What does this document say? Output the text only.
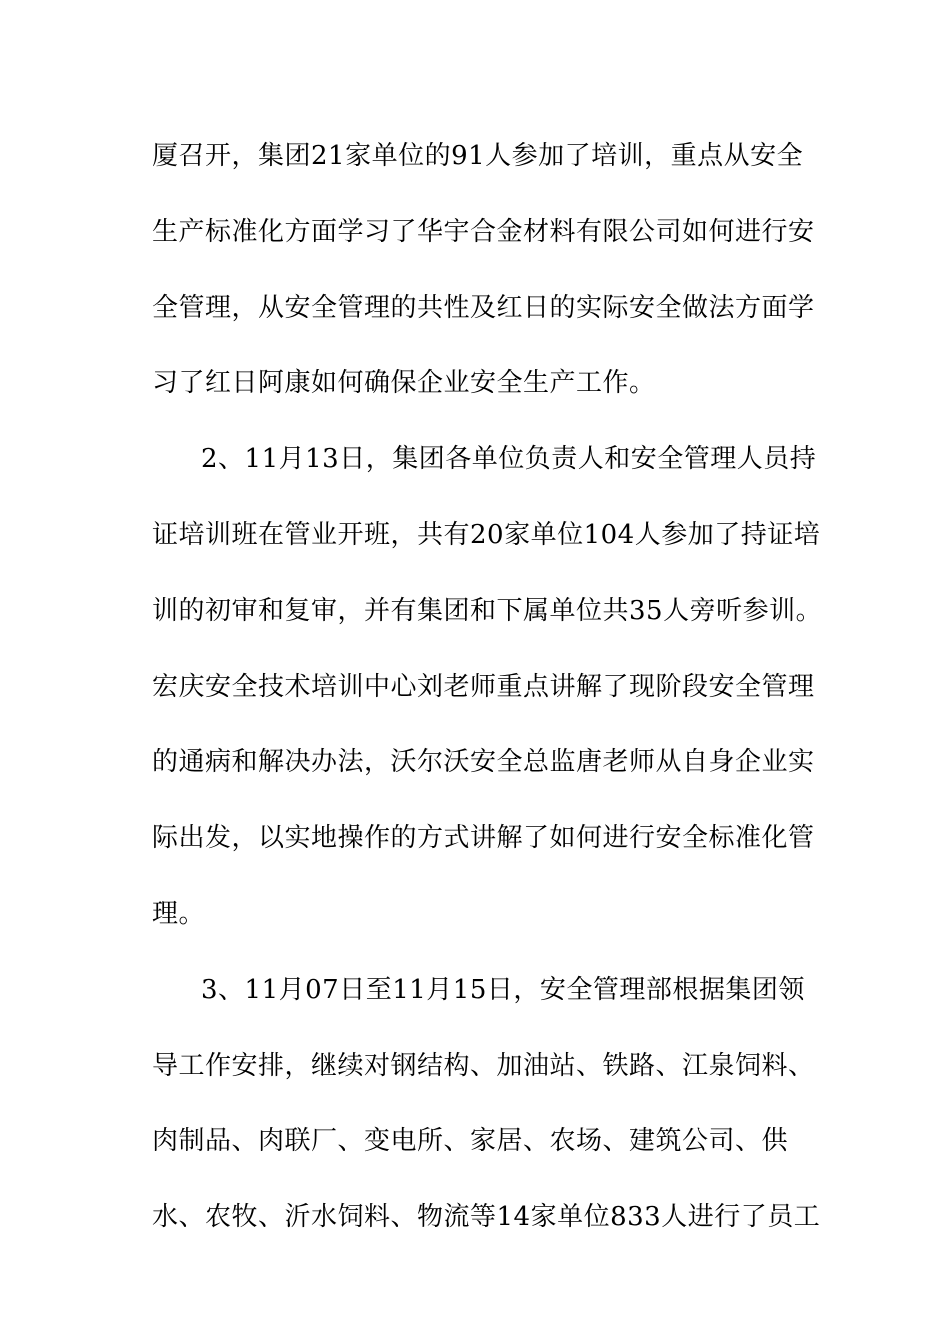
厦召开，集团21家单位的91人参加了培训，重点从安全
生产标准化方面学习了华宇合金材料有限公司如何进行安
全管理，从安全管理的共性及红日的实际安全做法方面学
习了红日阿康如何确保企业安全生产工作。
2、11月13日，集团各单位负责人和安全管理人员持
证培训班在管业开班，共有20家单位104人参加了持证培
训的初审和复审，并有集团和下属单位共35人旁听参训。
宏庆安全技术培训中心刘老师重点讲解了现阶段安全管理
的通病和解决办法，沃尔沃安全总监唐老师从自身企业实
际出发，以实地操作的方式讲解了如何进行安全标准化管
理。
3、11月07日至11月15日，安全管理部根据集团领
导工作安排，继续对钢结构、加油站、铁路、江泉饲料、
肉制品、肉联厂、变电所、家居、农场、建筑公司、供
水、农牧、沂水饲料、物流等14家单位833人进行了员工
